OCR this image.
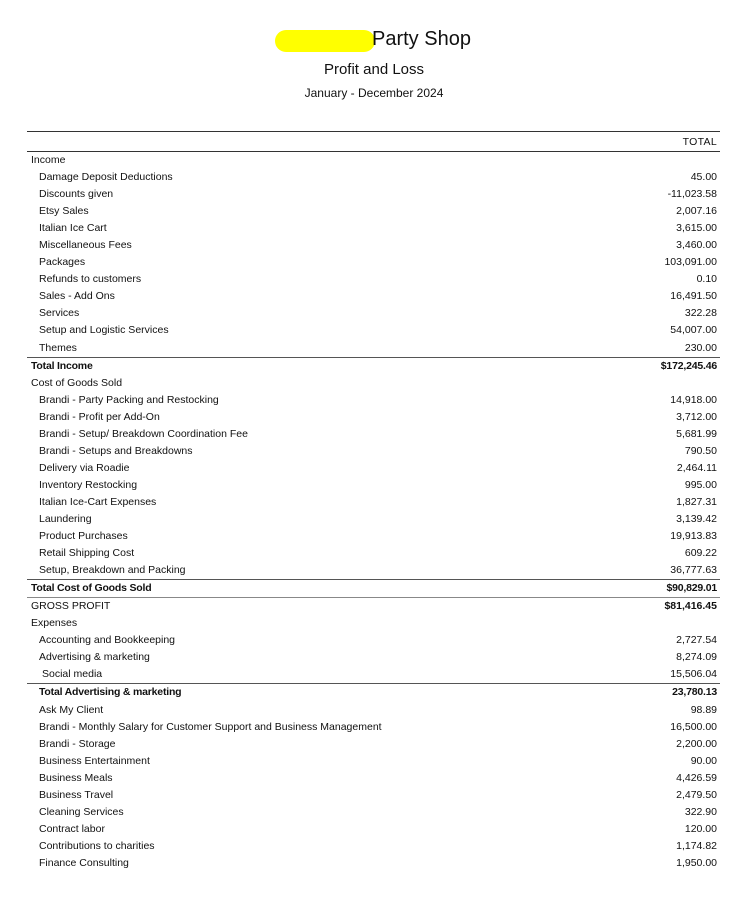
Party Shop
Profit and Loss
January - December 2024
TOTAL
Income
Damage Deposit Deductions	45.00
Discounts given	-11,023.58
Etsy Sales	2,007.16
Italian Ice Cart	3,615.00
Miscellaneous Fees	3,460.00
Packages	103,091.00
Refunds to customers	0.10
Sales - Add Ons	16,491.50
Services	322.28
Setup and Logistic Services	54,007.00
Themes	230.00
Total Income	$172,245.46
Cost of Goods Sold
Brandi - Party Packing and Restocking	14,918.00
Brandi - Profit per Add-On	3,712.00
Brandi - Setup/ Breakdown Coordination Fee	5,681.99
Brandi - Setups and Breakdowns	790.50
Delivery via Roadie	2,464.11
Inventory Restocking	995.00
Italian Ice-Cart Expenses	1,827.31
Laundering	3,139.42
Product Purchases	19,913.83
Retail Shipping Cost	609.22
Setup, Breakdown and Packing	36,777.63
Total Cost of Goods Sold	$90,829.01
GROSS PROFIT	$81,416.45
Expenses
Accounting and Bookkeeping	2,727.54
Advertising & marketing	8,274.09
Social media	15,506.04
Total Advertising & marketing	23,780.13
Ask My Client	98.89
Brandi - Monthly Salary for Customer Support and Business Management	16,500.00
Brandi - Storage	2,200.00
Business Entertainment	90.00
Business Meals	4,426.59
Business Travel	2,479.50
Cleaning Services	322.90
Contract labor	120.00
Contributions to charities	1,174.82
Finance Consulting	1,950.00
